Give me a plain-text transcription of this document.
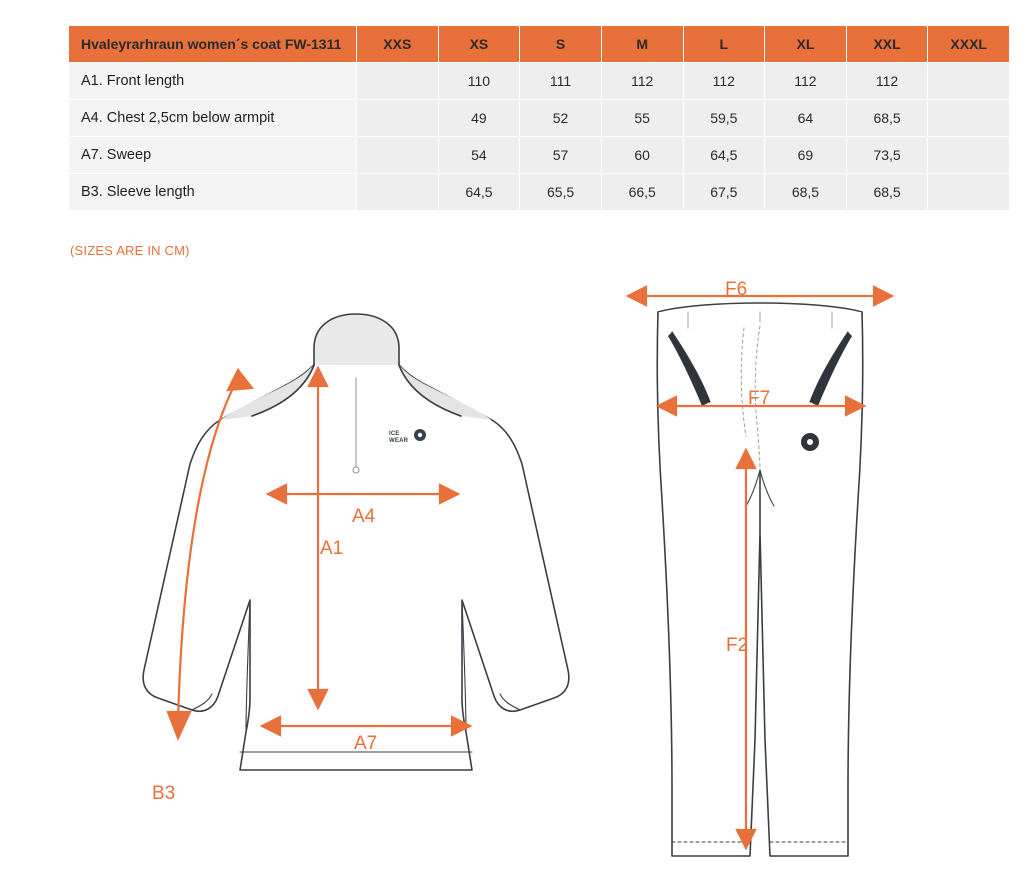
Hvaleyrarhraun women´s coat FW-1311	XXS	XS	S	M	L	XL	XXL	XXXL
A1. Front length		110	111	112	112	112	112	
A4. Chest 2,5cm below armpit		49	52	55	59,5	64	68,5	
A7. Sweep		54	57	60	64,5	69	73,5	
B3. Sleeve length		64,5	65,5	66,5	67,5	68,5	68,5	
(SIZES ARE IN CM)
B3
A4
A1
A7
ICE
WEAR
F6
F7
F2
